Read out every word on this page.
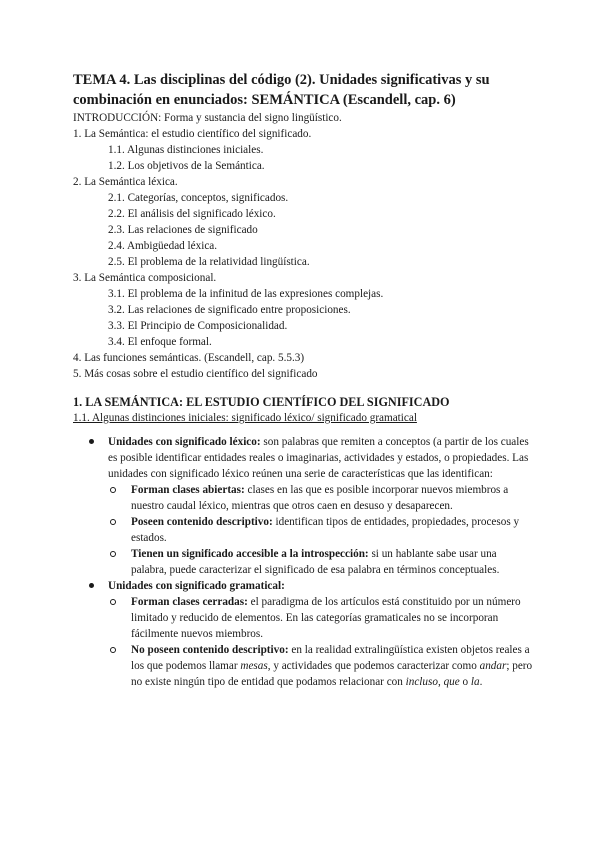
TEMA 4. Las disciplinas del código (2). Unidades significativas y su
combinación en enunciados: SEMÁNTICA (Escandell, cap. 6)

INTRODUCCIÓN: Forma y sustancia del signo lingüístico.
1. La Semántica: el estudio científico del significado.
1.1. Algunas distinciones iniciales.
1.2. Los objetivos de la Semántica.
2. La Semántica léxica.
2.1. Categorías, conceptos, significados.
2.2. El análisis del significado léxico.
2.3. Las relaciones de significado
2.4. Ambigüedad léxica.
2.5. El problema de la relatividad lingüística.
3. La Semántica composicional.
3.1. El problema de la infinitud de las expresiones complejas.
3.2. Las relaciones de significado entre proposiciones.
3.3. El Principio de Composicionalidad.
3.4. El enfoque formal.
4. Las funciones semánticas. (Escandell, cap. 5.5.3)
5. Más cosas sobre el estudio científico del significado
1. LA SEMÁNTICA: EL ESTUDIO CIENTÍFICO DEL SIGNIFICADO
1.1. Algunas distinciones iniciales: significado léxico/ significado gramatical
Unidades con significado léxico: son palabras que remiten a conceptos (a partir de los cuales es posible identificar entidades reales o imaginarias, actividades y estados, o propiedades. Las unidades con significado léxico reúnen una serie de características que las identifican:
Forman clases abiertas: clases en las que es posible incorporar nuevos miembros a nuestro caudal léxico, mientras que otros caen en desuso y desaparecen.
Poseen contenido descriptivo: identifican tipos de entidades, propiedades, procesos y estados.
Tienen un significado accesible a la introspección: si un hablante sabe usar una palabra, puede caracterizar el significado de esa palabra en términos conceptuales.
Unidades con significado gramatical:
Forman clases cerradas: el paradigma de los artículos está constituido por un número limitado y reducido de elementos. En las categorías gramaticales no se incorporan fácilmente nuevos miembros.
No poseen contenido descriptivo: en la realidad extralingüística existen objetos reales a los que podemos llamar mesas, y actividades que podemos caracterizar como andar; pero no existe ningún tipo de entidad que podamos relacionar con incluso, que o la.
